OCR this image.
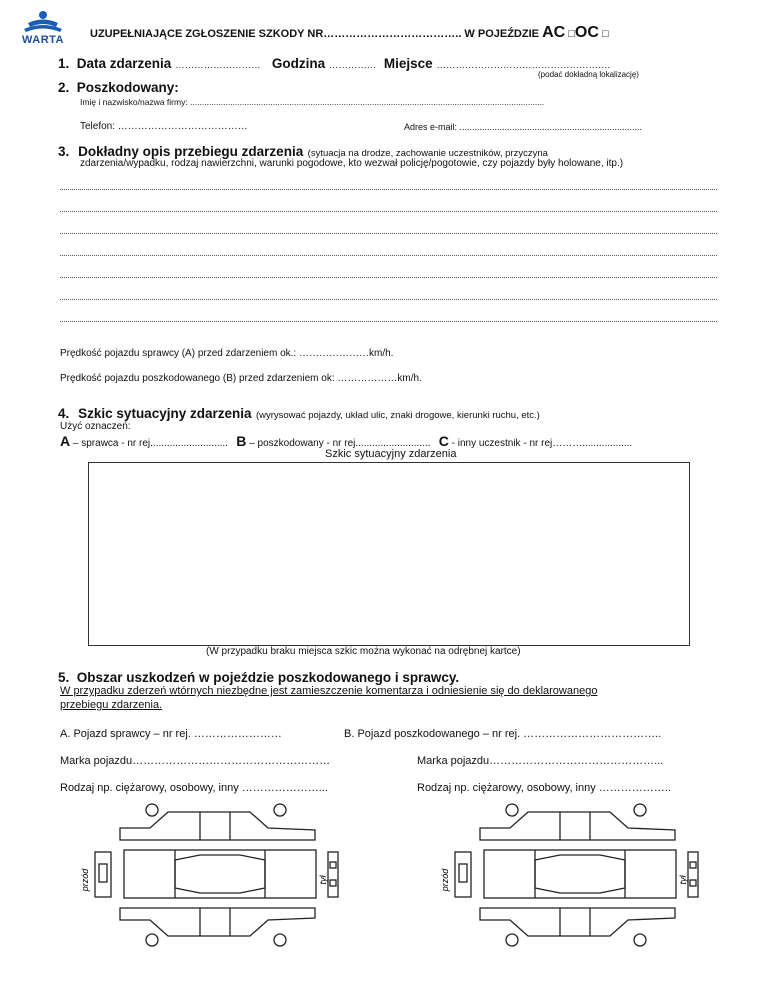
WARTA	UZUPEŁNIAJĄCE ZGŁOSZENIE SZKODY NR……………………………….. W POJEŹDZIE AC □OC □
1. Data zdarzenia ……………………… Godzina …………… Miejsce ……………………………………………….
(podać dokładną lokalizację)
2. Poszkodowany:
Imię i nazwisko/nazwa firmy: ......................................................................................................................................................
Telefon: …………………………………	Adres e-mail: .........................................................................
3. Dokładny opis przebiegu zdarzenia (sytuacja na drodze, zachowanie uczestników, przyczyna
zdarzenia/wypadku, rodzaj nawierzchni, warunki pogodowe, kto wezwał policję/pogotowie, czy pojazdy były holowane, itp.)
Prędkość pojazdu sprawcy (A) przed zdarzeniem ok.: …………………km/h.
Prędkość pojazdu poszkodowanego (B) przed zdarzeniem ok: ………………km/h.
4. Szkic sytuacyjny zdarzenia (wyrysować pojazdy, układ ulic, znaki drogowe, kierunki ruchu, etc.)
Użyć oznaczeń:
A – sprawca - nr rej............................ B – poszkodowany - nr rej........................... C - inny uczestnik - nr rej………..................
Szkic sytuacyjny zdarzenia
(W przypadku braku miejsca szkic można wykonać na odrębnej kartce)
5. Obszar uszkodzeń w pojeździe poszkodowanego i sprawcy.
W przypadku zderzeń wtórnych niezbędne jest zamieszczenie komentarza i odniesienie się do deklarowanego
przebiegu zdarzenia.
A. Pojazd sprawcy – nr rej. ……………………	B. Pojazd poszkodowanego – nr rej. ………………………………..
Marka pojazdu………………………………………………	Marka pojazdu………………………………………...
Rodzaj np. ciężarowy, osobowy, inny …………………...	Rodzaj np. ciężarowy, osobowy, inny ………………..
przód	tył	przód	tył
